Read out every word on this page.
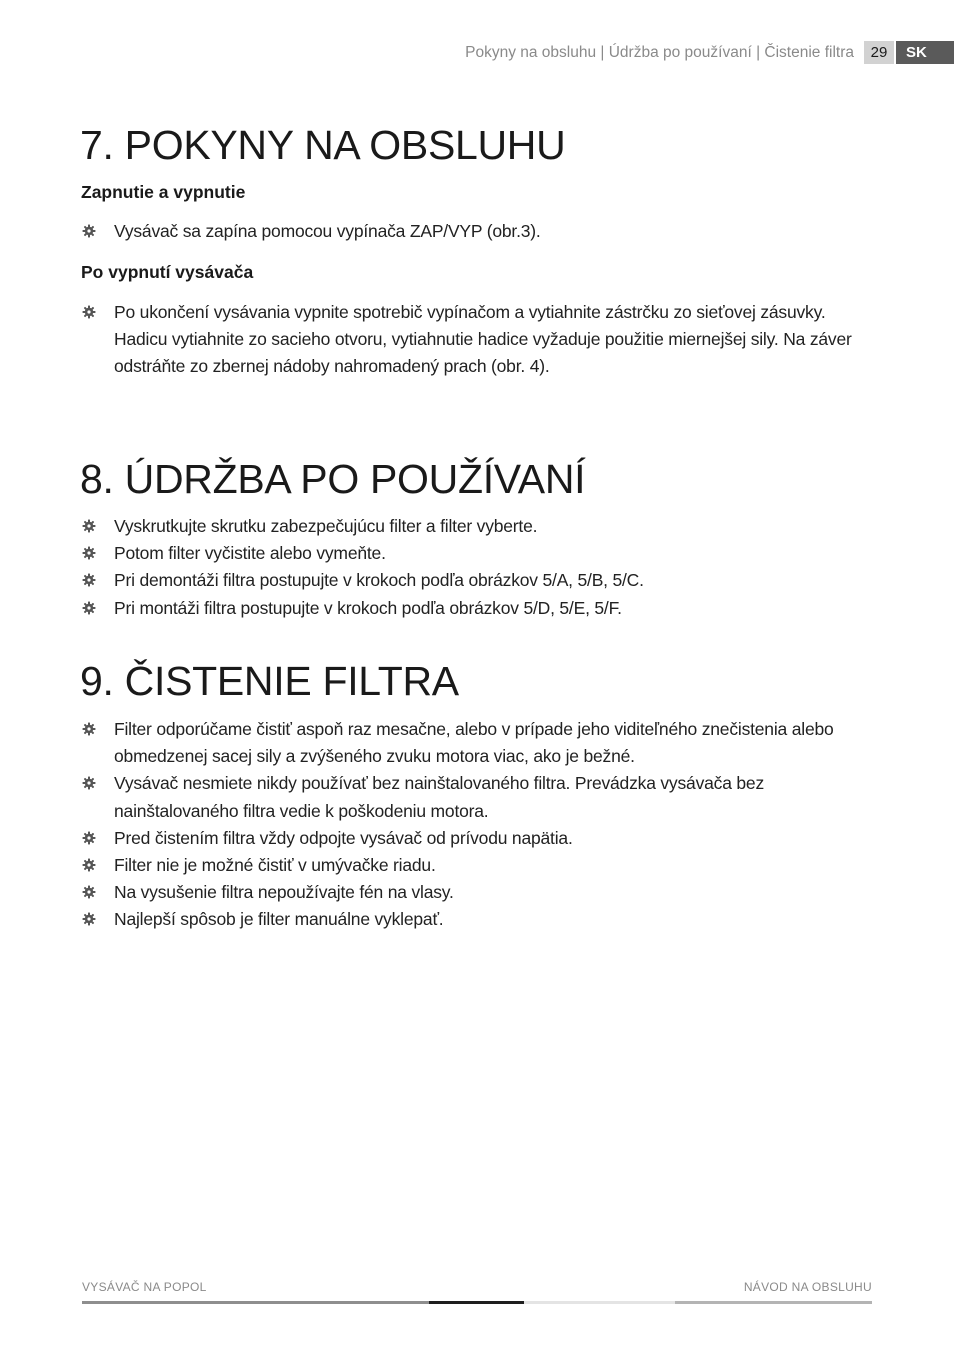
Pokyny na obsluhu | Údržba po používaní | Čistenie filtra	29	SK
7. POKYNY NA OBSLUHU
Zapnutie a vypnutie
Vysávač sa zapína pomocou vypínača ZAP/VYP (obr.3).
Po vypnutí vysávača
Po ukončení vysávania vypnite spotrebič vypínačom a vytiahnite zástrčku zo sieťovej zásuvky. Hadicu vytiahnite zo sacieho otvoru, vytiahnutie hadice vyžaduje použitie miernejšej sily. Na záver odstráňte zo zbernej nádoby nahromadený prach (obr. 4).
8. ÚDRŽBA PO POUŽÍVANÍ
Vyskrutkujte skrutku zabezpečujúcu filter a filter vyberte.
Potom filter vyčistite alebo vymeňte.
Pri demontáži filtra postupujte v krokoch podľa obrázkov 5/A, 5/B, 5/C.
Pri montáži filtra postupujte v krokoch podľa obrázkov 5/D, 5/E, 5/F.
9. ČISTENIE FILTRA
Filter odporúčame čistiť aspoň raz mesačne, alebo v prípade jeho viditeľného znečistenia alebo obmedzenej sacej sily a zvýšeného zvuku motora viac, ako je bežné.
Vysávač nesmiete nikdy používať bez nainštalovaného filtra. Prevádzka vysávača bez nainštalovaného filtra vedie k poškodeniu motora.
Pred čistením filtra vždy odpojte vysávač od prívodu napätia.
Filter nie je možné čistiť v umývačke riadu.
Na vysušenie filtra nepoužívajte fén na vlasy.
Najlepší spôsob je filter manuálne vyklepať.
VYSÁVAČ NA POPOL	NÁVOD NA OBSLUHU
